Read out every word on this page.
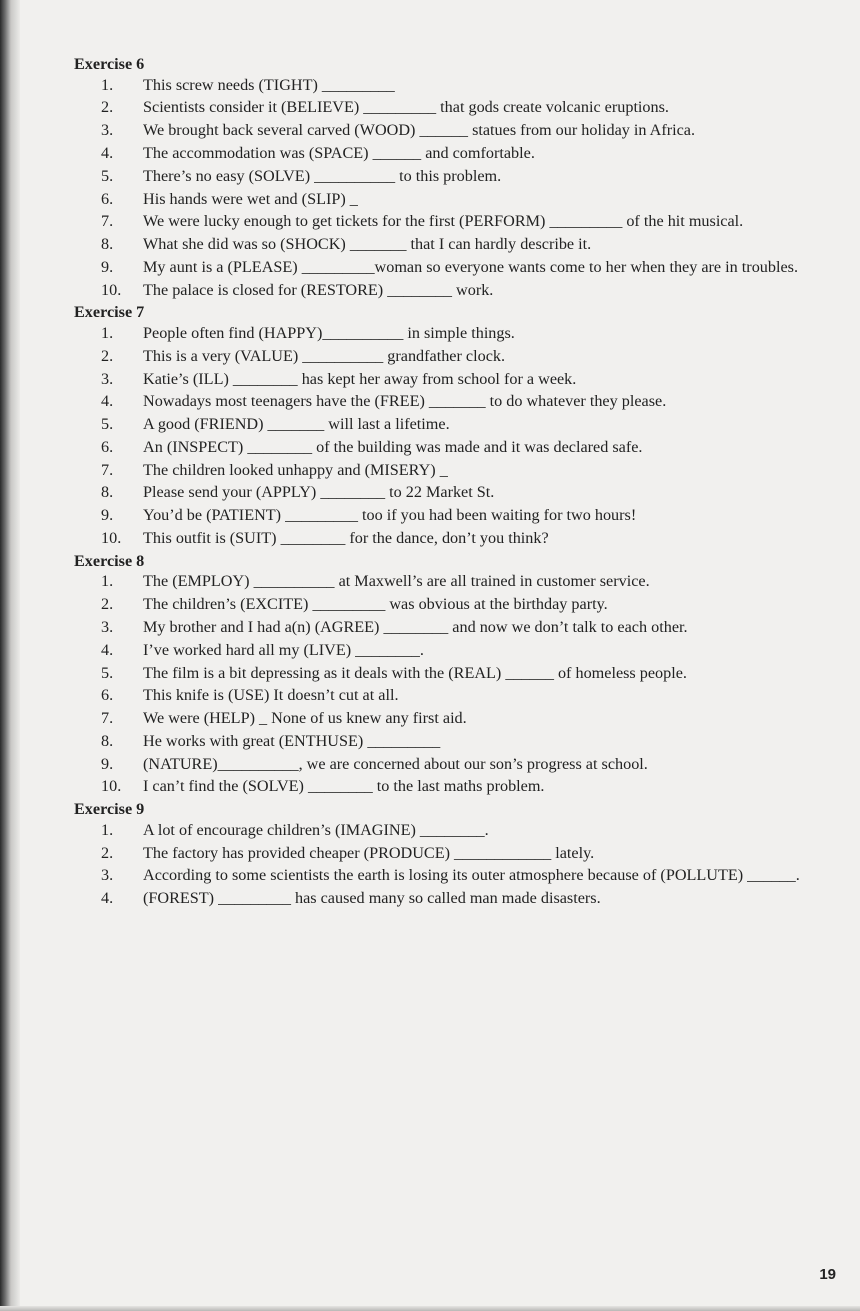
Exercise 6

1.	This screw needs (TIGHT) _________

2.	Scientists consider it (BELIEVE) _________ that gods create volcanic eruptions.

3.	We brought back several carved (WOOD) ______ statues from our holiday in Africa.

4.	The accommodation was (SPACE) ______ and comfortable.

5.	There’s no easy (SOLVE) __________ to this problem.

6.	His hands were wet and (SLIP) _

7.	We were lucky enough to get tickets for the first (PERFORM) _________ of the hit musical.

8.	What she did was so (SHOCK) _______ that I can hardly describe it.

9.	My aunt is a (PLEASE) _________woman so everyone wants come to her when they are in troubles.

10.	The palace is closed for (RESTORE) ________ work.

Exercise 7

1.	People often find (HAPPY)__________ in simple things.

2.	This is a very (VALUE) __________ grandfather clock.

3.	Katie’s (ILL) ________ has kept her away from school for a week.

4.	Nowadays most teenagers have the (FREE) _______ to do whatever they please.

5.	A good (FRIEND) _______ will last a lifetime.

6.	An (INSPECT) ________ of the building was made and it was declared safe.

7.	The children looked unhappy and (MISERY) _

8.	Please send your (APPLY) ________ to 22 Market St.

9.	You’d be (PATIENT) _________ too if you had been waiting for two hours!

10.	This outfit is (SUIT) ________ for the dance, don’t you think?

Exercise 8

1.	The (EMPLOY) __________ at Maxwell’s are all trained in customer service.

2.	The children’s (EXCITE) _________ was obvious at the birthday party.

3.	My brother and I had a(n) (AGREE) ________ and now we don’t talk to each other.

4.	I’ve worked hard all my (LIVE) ________.

5.	The film is a bit depressing as it deals with the (REAL) ______ of homeless people.

6.	This knife is (USE) It doesn’t cut at all.

7.	We were (HELP) _ None of us knew any first aid.

8.	He works with great (ENTHUSE) _________

9.	(NATURE)__________, we are concerned about our son’s progress at school.

10.	I can’t find the (SOLVE) ________ to the last maths problem.

Exercise 9

1.	A lot of encourage children’s (IMAGINE) ________.

2.	The factory has provided cheaper (PRODUCE) ____________ lately.

3.	According to some scientists the earth is losing its outer atmosphere because of (POLLUTE) ______.

4.	(FOREST) _________ has caused many so called man made disasters.

19
